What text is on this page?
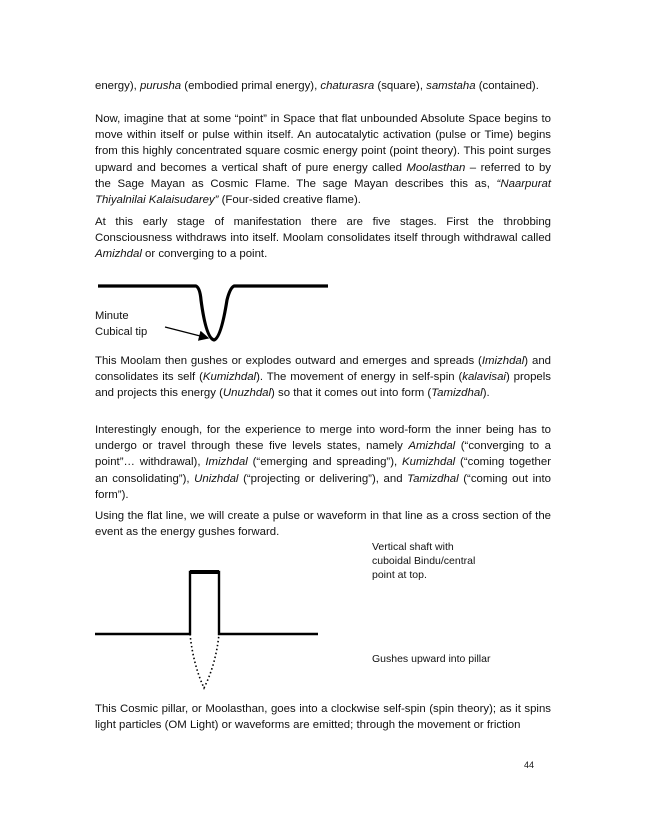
energy), purusha (embodied primal energy), chaturasra (square), samstaha (contained).

Now, imagine that at some “point” in Space that flat unbounded Absolute Space begins to move within itself or pulse within itself. An autocatalytic activation (pulse or Time) begins from this highly concentrated square cosmic energy point (point theory). This point surges upward and becomes a vertical shaft of pure energy called Moolasthan – referred to by the Sage Mayan as Cosmic Flame. The sage Mayan describes this as, “Naarpurat Thiyalnilai Kalaisudarey” (Four-sided creative flame).

At this early stage of manifestation there are five stages. First the throbbing Consciousness withdraws into itself. Moolam consolidates itself through withdrawal called Amizhdal or converging to a point.

Minute
Cubical tip

This Moolam then gushes or explodes outward and emerges and spreads (Imizhdal) and consolidates its self (Kumizhdal). The movement of energy in self-spin (kalavisai) propels and projects this energy (Unuzhdal) so that it comes out into form (Tamizdhal).

Interestingly enough, for the experience to merge into word-form the inner being has to undergo or travel through these five levels states, namely Amizhdal (“converging to a point”… withdrawal), Imizhdal (“emerging and spreading”), Kumizhdal (“coming together an consolidating”), Unizhdal (“projecting or delivering”), and Tamizdhal (“coming out into form”).

Using the flat line, we will create a pulse or waveform in that line as a cross section of the event as the energy gushes forward.

Vertical shaft with
cuboidal Bindu/central
point at top.
Gushes upward into pillar

This Cosmic pillar, or Moolasthan, goes into a clockwise self-spin (spin theory); as it spins light particles (OM Light) or waveforms are emitted; through the movement or friction

44
